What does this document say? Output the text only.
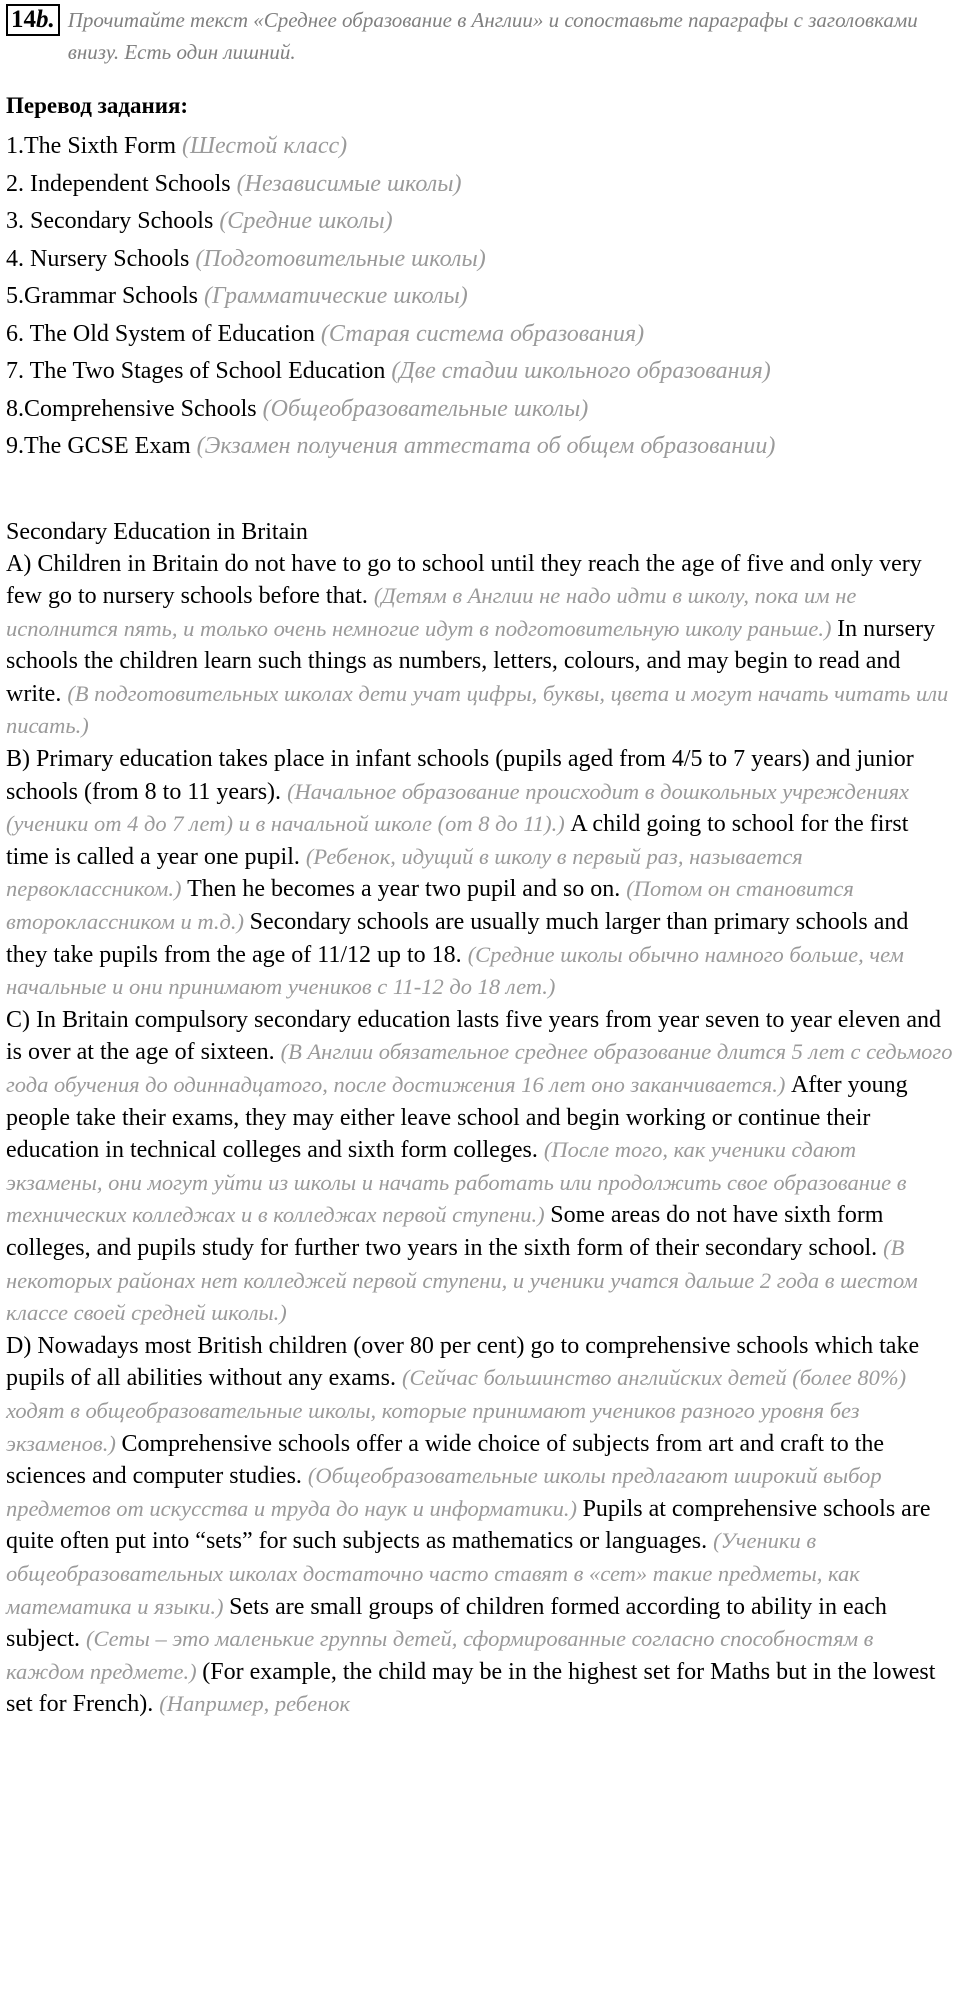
14b. Прочитайте текст «Среднее образование в Англии» и сопоставьте параграфы с заголовками внизу. Есть один лишний.
Перевод задания:
1.The Sixth Form (Шестой класс)
2. Independent Schools (Независимые школы)
3. Secondary Schools (Средние школы)
4. Nursery Schools (Подготовительные школы)
5.Grammar Schools (Грамматические школы)
6. The Old System of Education (Старая система образования)
7. The Two Stages of School Education (Две стадии школьного образования)
8.Comprehensive Schools (Общеобразовательные школы)
9.The GCSE Exam (Экзамен получения аттестата об общем образовании)
Secondary Education in Britain
A) Children in Britain do not have to go to school until they reach the age of five and only very few go to nursery schools before that. (Детям в Англии не надо идти в школу, пока им не исполнится пять, и только очень немногие идут в подготовительную школу раньше.) In nursery schools the children learn such things as numbers, letters, colours, and may begin to read and write. (В подготовительных школах дети учат цифры, буквы, цвета и могут начать читать или писать.)
B) Primary education takes place in infant schools (pupils aged from 4/5 to 7 years) and junior schools (from 8 to 11 years). (Начальное образование происходит в дошкольных учреждениях (ученики от 4 до 7 лет) и в начальной школе (от 8 до 11).) A child going to school for the first time is called a year one pupil. (Ребенок, идущий в школу в первый раз, называется первоклассником.) Then he becomes a year two pupil and so on. (Потом он становится второклассником и т.д.) Secondary schools are usually much larger than primary schools and they take pupils from the age of 11/12 up to 18. (Средние школы обычно намного больше, чем начальные и они принимают учеников с 11-12 до 18 лет.)
C) In Britain compulsory secondary education lasts five years from year seven to year eleven and is over at the age of sixteen. (В Англии обязательное среднее образование длится 5 лет с седьмого года обучения до одиннадцатого, после достижения 16 лет оно заканчивается.) After young people take their exams, they may either leave school and begin working or continue their education in technical colleges and sixth form colleges. (После того, как ученики сдают экзамены, они могут уйти из школы и начать работать или продолжить свое образование в технических колледжах и в колледжах первой ступени.) Some areas do not have sixth form colleges, and pupils study for further two years in the sixth form of their secondary school. (В некоторых районах нет колледжей первой ступени, и ученики учатся дальше 2 года в шестом классе своей средней школы.)
D) Nowadays most British children (over 80 per cent) go to comprehensive schools which take pupils of all abilities without any exams. (Сейчас большинство английских детей (более 80%) ходят в общеобразовательные школы, которые принимают учеников разного уровня без экзаменов.) Comprehensive schools offer a wide choice of subjects from art and craft to the sciences and computer studies. (Общеобразовательные школы предлагают широкий выбор предметов от искусства и труда до наук и информатики.) Pupils at comprehensive schools are quite often put into “sets” for such subjects as mathematics or languages. (Ученики в общеобразовательных школах достаточно часто ставят в «сет» такие предметы, как математика и языки.) Sets are small groups of children formed according to ability in each subject. (Сеты – это маленькие группы детей, сформированные согласно способностям в каждом предмете.) (For example, the child may be in the highest set for Maths but in the lowest set for French). (Например, ребенок
